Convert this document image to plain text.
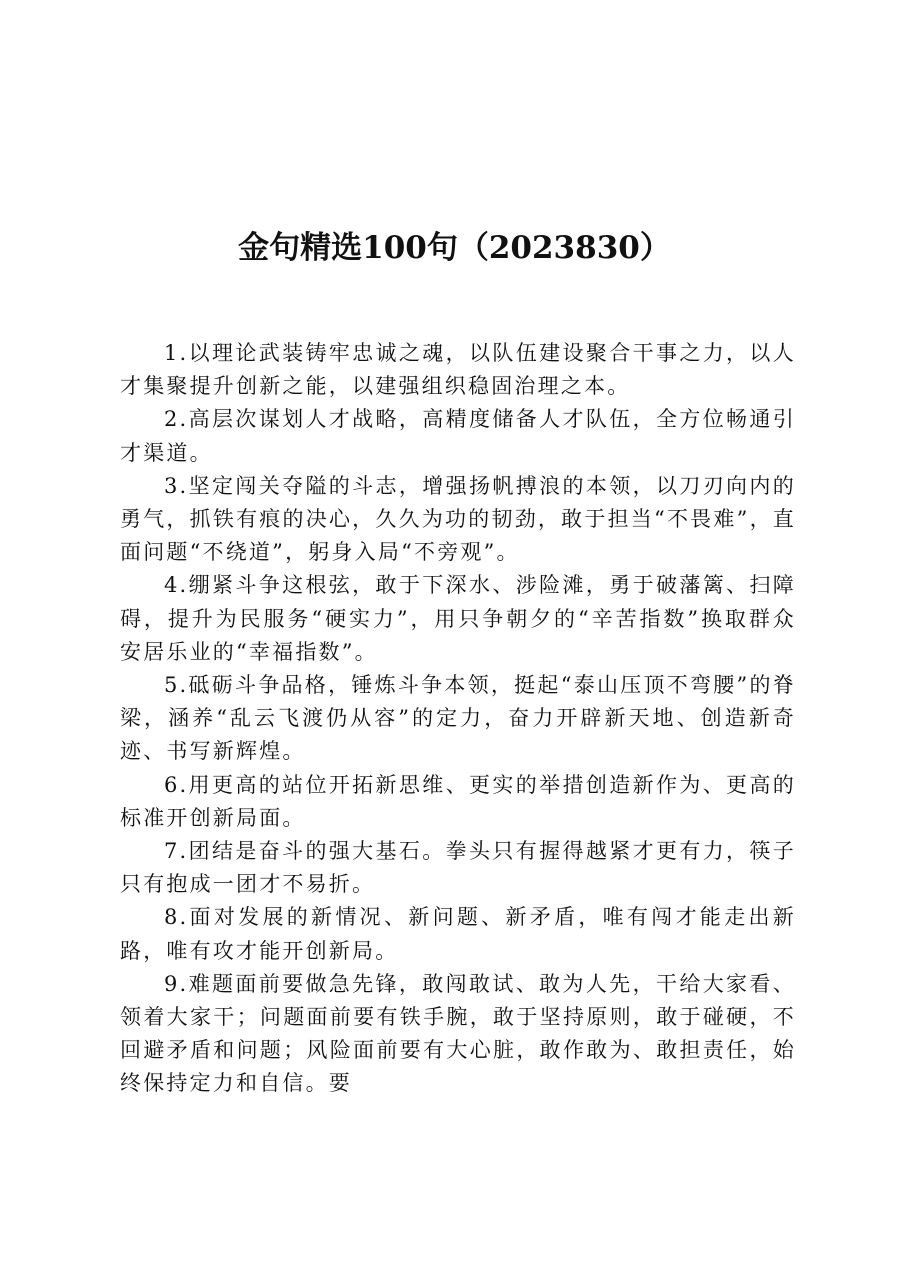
金句精选100句（2023830）

1.以理论武装铸牢忠诚之魂，以队伍建设聚合干事之力，以人才集聚提升创新之能，以建强组织稳固治理之本。

2.高层次谋划人才战略，高精度储备人才队伍，全方位畅通引才渠道。

3.坚定闯关夺隘的斗志，增强扬帆搏浪的本领，以刀刃向内的勇气，抓铁有痕的决心，久久为功的韧劲，敢于担当“不畏难”，直面问题“不绕道”，躬身入局“不旁观”。

4.绷紧斗争这根弦，敢于下深水、涉险滩，勇于破藩篱、扫障碍，提升为民服务“硬实力”，用只争朝夕的“辛苦指数”换取群众安居乐业的“幸福指数”。

5.砥砺斗争品格，锤炼斗争本领，挺起“泰山压顶不弯腰”的脊梁，涵养“乱云飞渡仍从容”的定力，奋力开辟新天地、创造新奇迹、书写新辉煌。

6.用更高的站位开拓新思维、更实的举措创造新作为、更高的标准开创新局面。

7.团结是奋斗的强大基石。拳头只有握得越紧才更有力，筷子只有抱成一团才不易折。

8.面对发展的新情况、新问题、新矛盾，唯有闯才能走出新路，唯有攻才能开创新局。

9.难题面前要做急先锋，敢闯敢试、敢为人先，干给大家看、领着大家干；问题面前要有铁手腕，敢于坚持原则，敢于碰硬，不回避矛盾和问题；风险面前要有大心脏，敢作敢为、敢担责任，始终保持定力和自信。要
